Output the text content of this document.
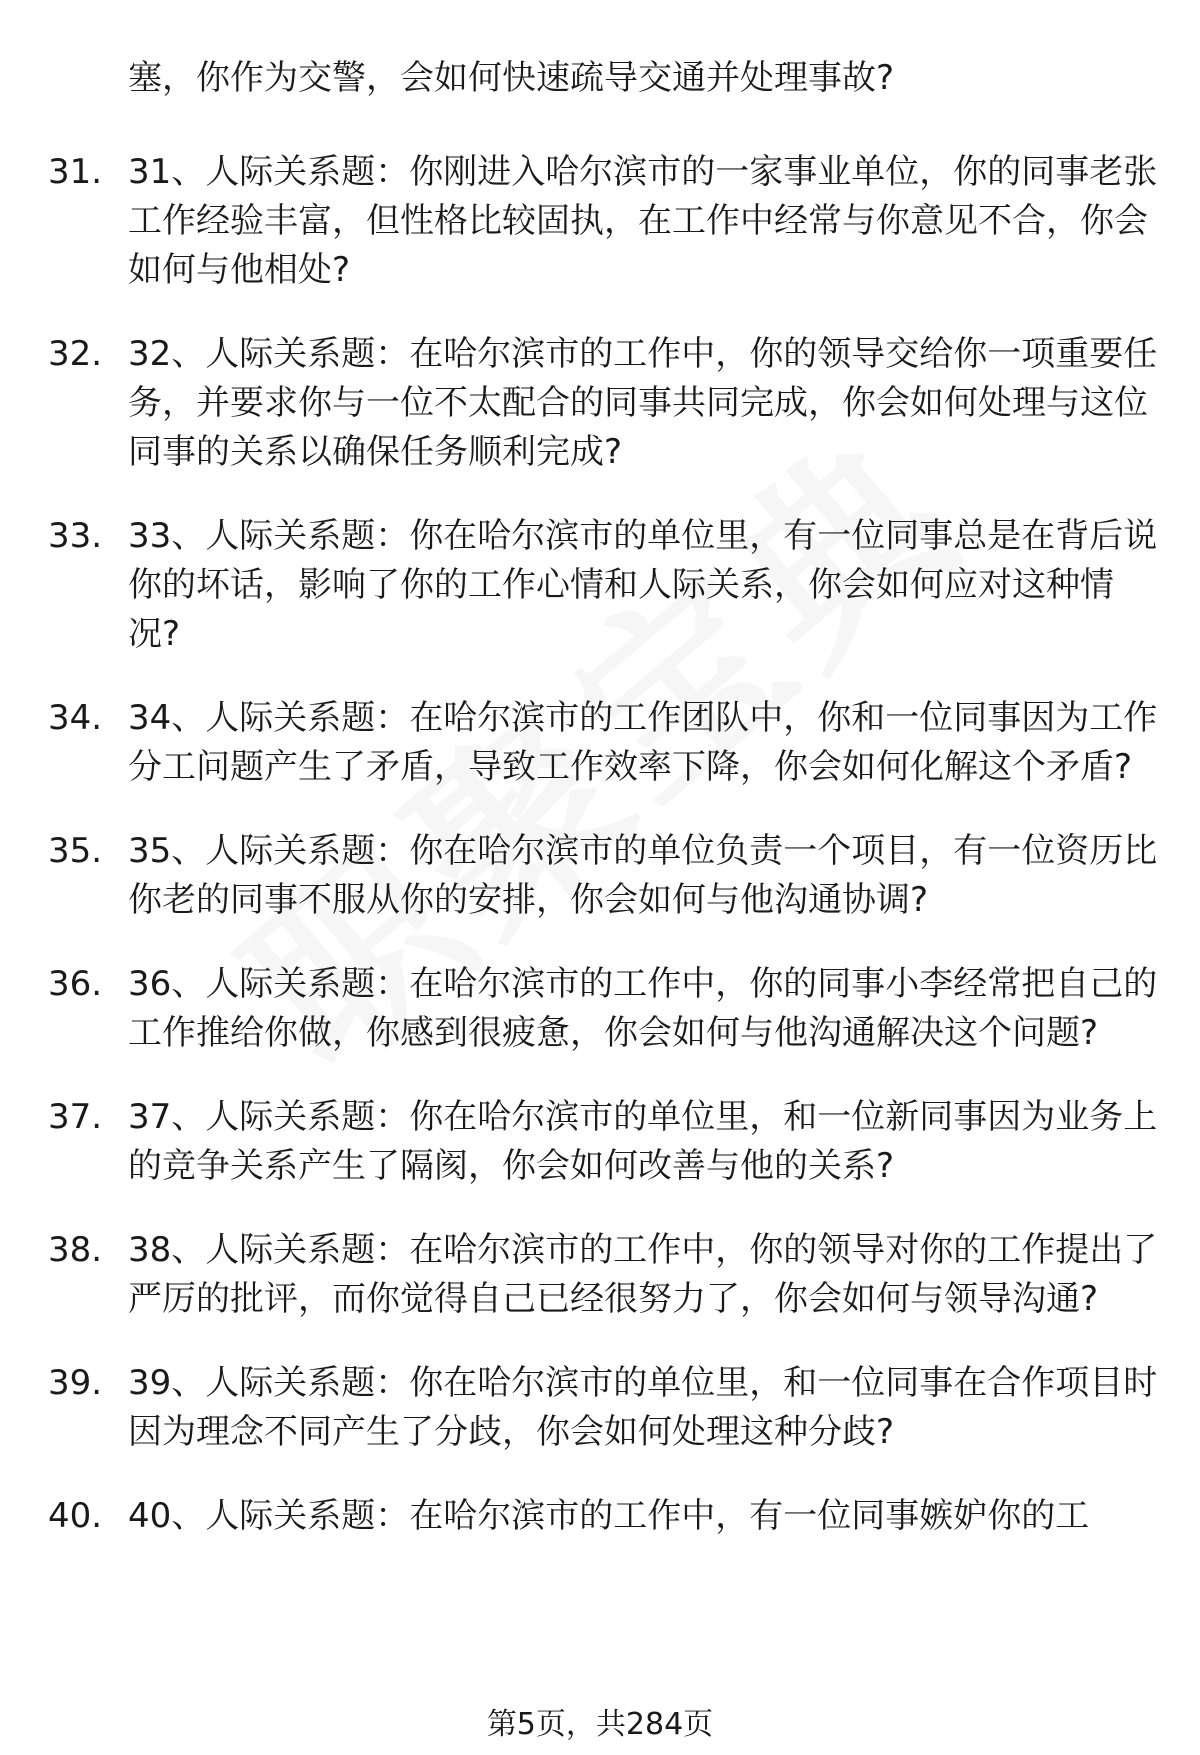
塞，你作为交警，会如何快速疏导交通并处理事故?

31. 31、人际关系题：你刚进入哈尔滨市的一家事业单位，你的同事老张工作经验丰富，但性格比较固执，在工作中经常与你意见不合，你会如何与他相处?
32. 32、人际关系题：在哈尔滨市的工作中，你的领导交给你一项重要任务，并要求你与一位不太配合的同事共同完成，你会如何处理与这位同事的关系以确保任务顺利完成?
33. 33、人际关系题：你在哈尔滨市的单位里，有一位同事总是在背后说你的坏话，影响了你的工作心情和人际关系，你会如何应对这种情况?
34. 34、人际关系题：在哈尔滨市的工作团队中，你和一位同事因为工作分工问题产生了矛盾，导致工作效率下降，你会如何化解这个矛盾?
35. 35、人际关系题：你在哈尔滨市的单位负责一个项目，有一位资历比你老的同事不服从你的安排，你会如何与他沟通协调?
36. 36、人际关系题：在哈尔滨市的工作中，你的同事小李经常把自己的工作推给你做，你感到很疲惫，你会如何与他沟通解决这个问题?
37. 37、人际关系题：你在哈尔滨市的单位里，和一位新同事因为业务上的竞争关系产生了隔阂，你会如何改善与他的关系?
38. 38、人际关系题：在哈尔滨市的工作中，你的领导对你的工作提出了严厉的批评，而你觉得自己已经很努力了，你会如何与领导沟通?
39. 39、人际关系题：你在哈尔滨市的单位里，和一位同事在合作项目时因为理念不同产生了分歧，你会如何处理这种分歧?
40. 40、人际关系题：在哈尔滨市的工作中，有一位同事嫉妒你的工
第5页，共284页
